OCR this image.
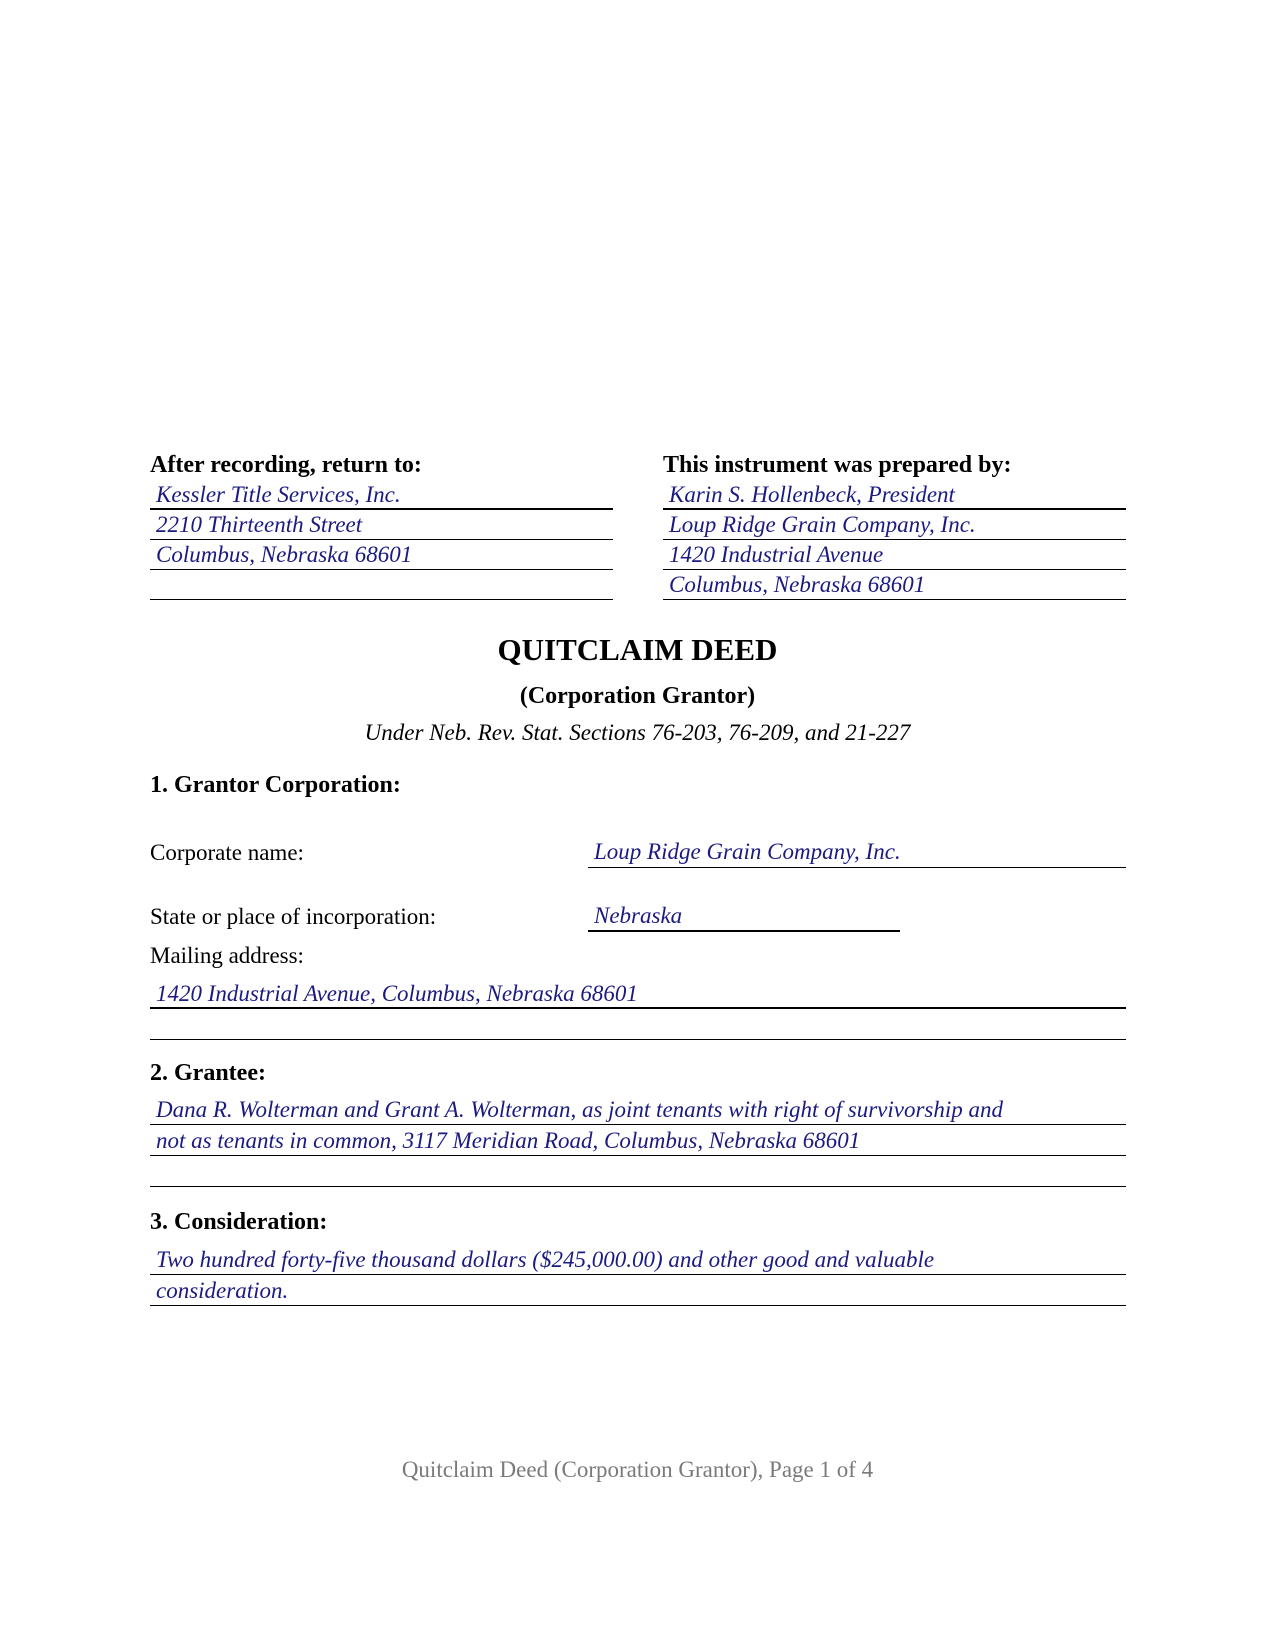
After recording, return to:
Kessler Title Services, Inc.
2210 Thirteenth Street
Columbus, Nebraska 68601
This instrument was prepared by:
Karin S. Hollenbeck, President
Loup Ridge Grain Company, Inc.
1420 Industrial Avenue
Columbus, Nebraska 68601
QUITCLAIM DEED
(Corporation Grantor)
Under Neb. Rev. Stat. Sections 76-203, 76-209, and 21-227
1. Grantor Corporation:
Corporate name:	Loup Ridge Grain Company, Inc.
State or place of incorporation:	Nebraska
Mailing address:
1420 Industrial Avenue, Columbus, Nebraska 68601
2. Grantee:
Dana R. Wolterman and Grant A. Wolterman, as joint tenants with right of survivorship and
not as tenants in common, 3117 Meridian Road, Columbus, Nebraska 68601
3. Consideration:
Two hundred forty-five thousand dollars ($245,000.00) and other good and valuable
consideration.
Quitclaim Deed (Corporation Grantor), Page 1 of 4
